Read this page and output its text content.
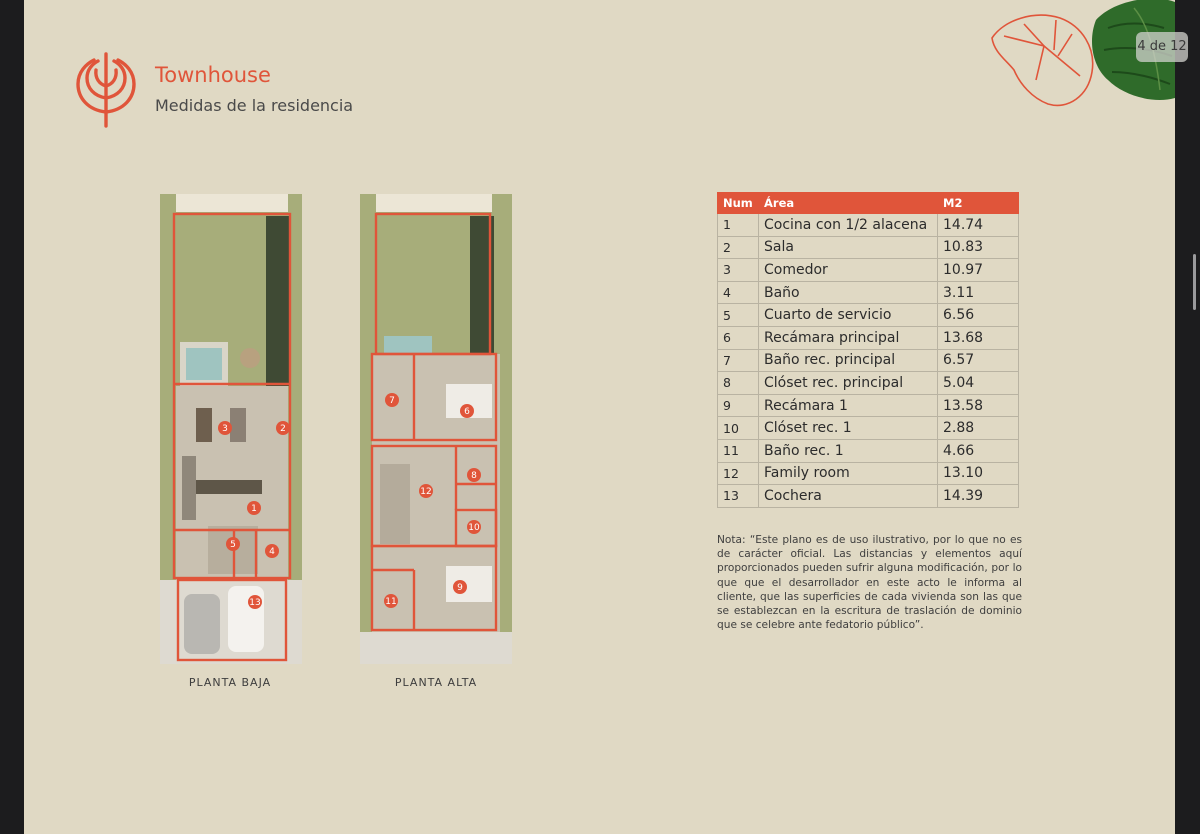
Townhouse
Medidas de la residencia
4 de 12
1
2
3
4
5
13
PLANTA BAJA
6
7
8
9
10
11
12
PLANTA ALTA
Num	Área	M2
1	Cocina con 1/2 alacena	14.74
2	Sala	10.83
3	Comedor	10.97
4	Baño	3.11
5	Cuarto de servicio	6.56
6	Recámara principal	13.68
7	Baño rec. principal	6.57
8	Clóset rec. principal	5.04
9	Recámara 1	13.58
10	Clóset rec. 1	2.88
11	Baño rec. 1	4.66
12	Family room	13.10
13	Cochera	14.39
Nota: “Este plano es de uso ilustrativo, por lo que no es de carácter oficial. Las distancias y elementos aquí proporcionados pueden sufrir alguna modificación, por lo que que el desarrollador en este acto le informa al cliente, que las superficies de cada vivienda son las que se establezcan en la escritura de traslación de dominio que se celebre ante fedatorio público”.
